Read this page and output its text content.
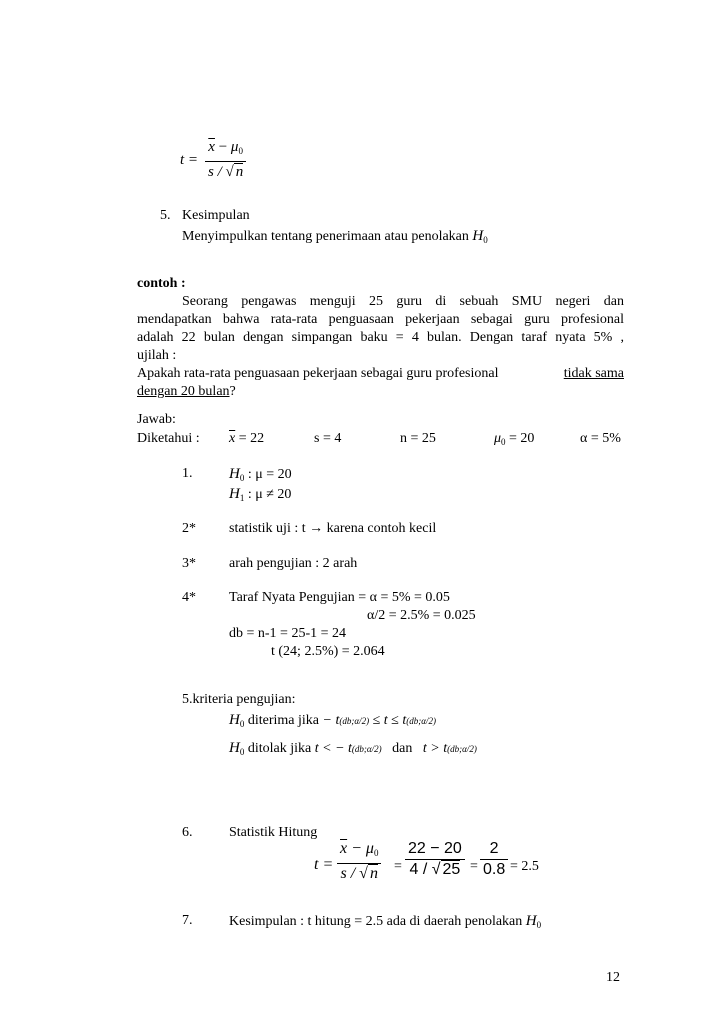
t =
$\overline{x} - \mu_0$
s / √ n
5. Kesimpulan
Menyimpulkan tentang penerimaan atau penolakan $H_0$
contoh :
Seorang pengawas menguji 25 guru di sebuah SMU negeri dan
mendapatkan bahwa rata-rata penguasaan pekerjaan sebagai guru profesional
adalah 22 bulan dengan simpangan baku = 4 bulan. Dengan taraf nyata 5% ,
ujilah :
Apakah rata-rata penguasaan pekerjaan sebagai guru profesional	tidak sama
dengan 20 bulan?
Jawab:
Diketahui : $\overline{x} = 22$	s = 4	n = 25	$\mu_0 = 20$	α = 5%
1. $H_0$ : μ = 20
$H_1$ : μ ≠ 20
2* statistik uji : t → karena contoh kecil
3* arah pengujian : 2 arah
4* Taraf Nyata Pengujian = α = 5% = 0.05
α/2 = 2.5% = 0.025
db = n-1 = 25-1 = 24
t (24; 2.5%) = 2.064
5.kriteria pengujian:
$H_0$ diterima jika − t(db;α/2) ≤ t ≤ t(db;α/2)
$H_0$ ditolak jika t < − t(db;α/2) dan t > t(db;α/2)
6.	Statistik Hitung
t =
$\overline{x} - \mu_0$
s / √ n =
22 − 20
4 / √ 25 =
2
0.8 = 2.5
7.	Kesimpulan : t hitung = 2.5 ada di daerah penolakan $H_0$
12
